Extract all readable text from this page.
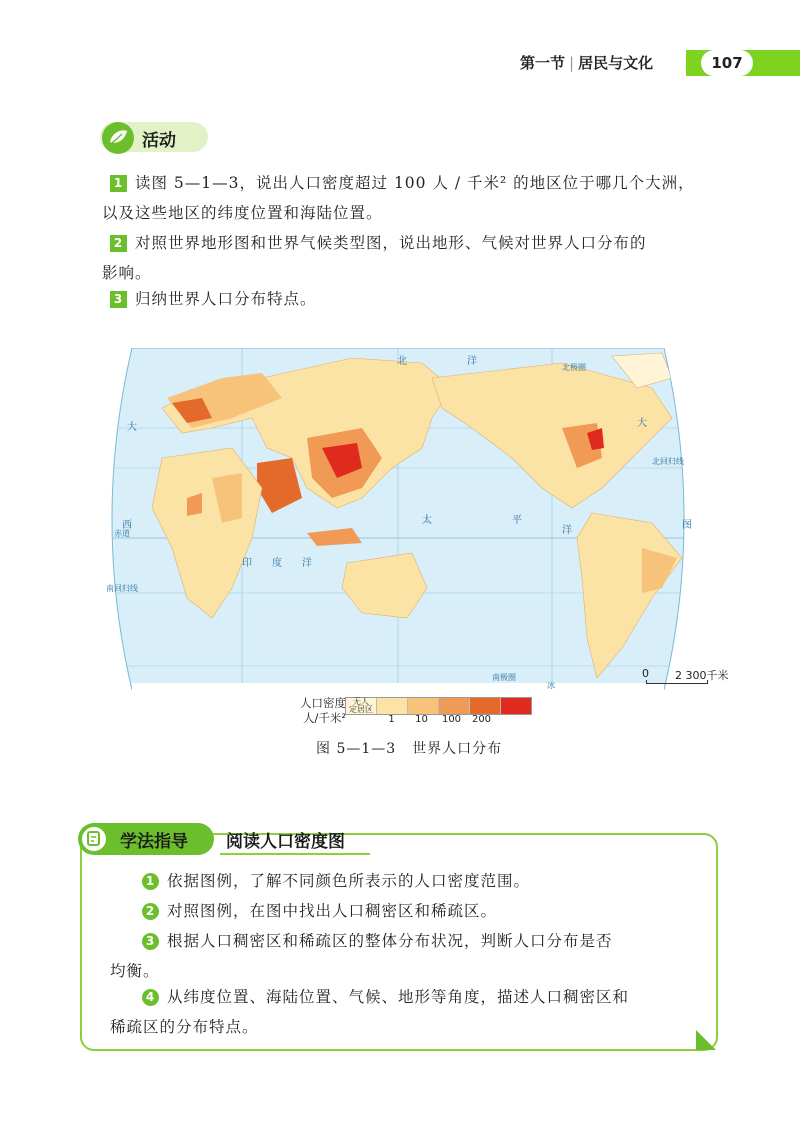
第一节 | 居民与文化	107
活动
1 读图 5—1—3，说出人口密度超过 100 人 / 千米² 的地区位于哪几个大洲，
以及这些地区的纬度位置和海陆位置。
2 对照世界地形图和世界气候类型图，说出地形、气候对世界人口分布的
影响。
3 归纳世界人口分布特点。
北	洋
北极圈
北回归线
赤道
南回归线
南极圈
大	大
西	太	平
洋	图
印 度 洋
冰
人口密度
人/千米²
无人
定居区
1	10	100 200
0 2 300千米
图 5—1—3 世界人口分布
学法指导 阅读人口密度图
1 依据图例，了解不同颜色所表示的人口密度范围。
2 对照图例，在图中找出人口稠密区和稀疏区。
3 根据人口稠密区和稀疏区的整体分布状况，判断人口分布是否
均衡。
4 从纬度位置、海陆位置、气候、地形等角度，描述人口稠密区和
稀疏区的分布特点。
